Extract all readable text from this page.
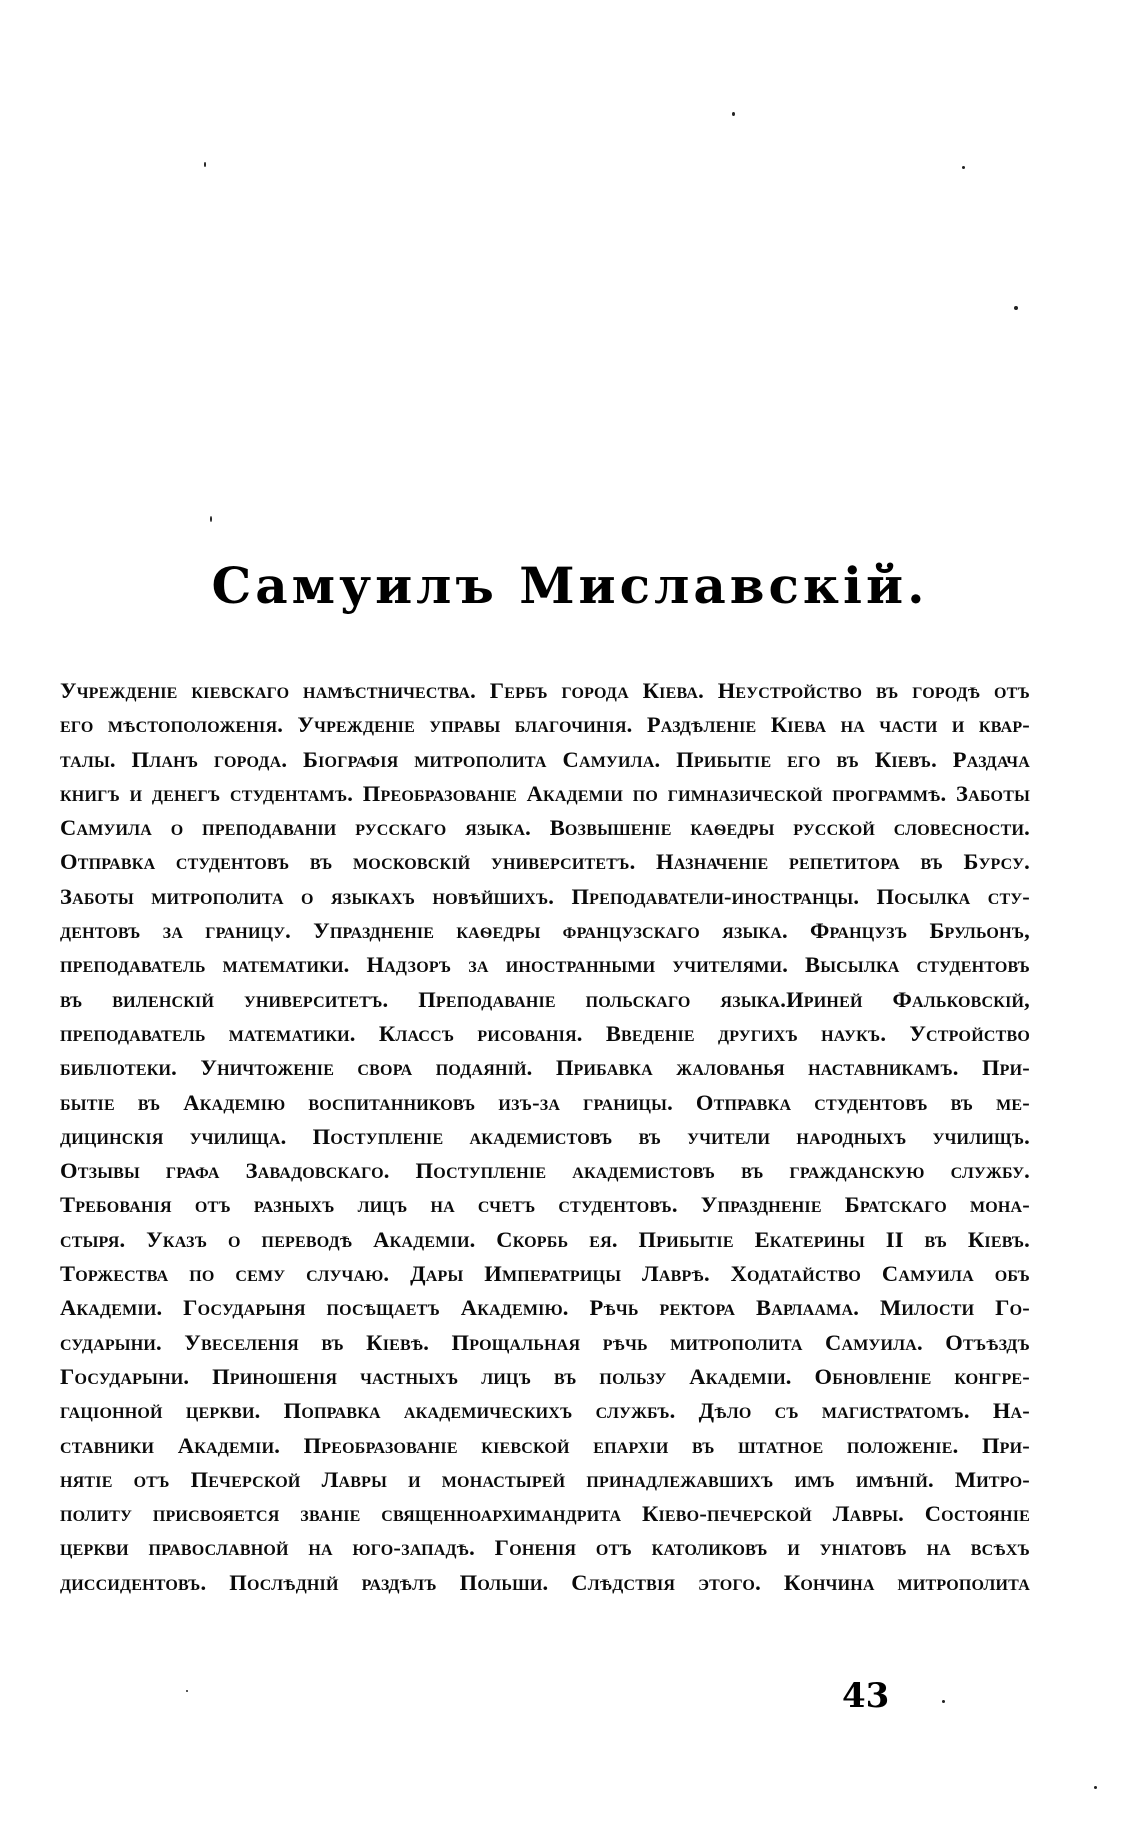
Самуилъ Миславскій.
Учрежденіе кіевскаго намѣстничества. Гербъ города Кіева. Неустройство въ городѣ отъ
его мѣстоположенія. Учрежденіе управы благочинія. Раздѣленіе Кіева на части и квар-
талы. Планъ города. Біографія митрополита Самуила. Прибытіе его въ Кіевъ. Раздача
книгъ и денегъ студентамъ. Преобразованіе Академіи по гимназической программѣ. Заботы
Самуила о преподаваніи русскаго языка. Возвышеніе каѳедры русской словесности.
Отправка студентовъ въ московскій университетъ. Назначеніе репетитора въ Бурсу.
Заботы митрополита о языкахъ новѣйшихъ. Преподаватели-иностранцы. Посылка сту-
дентовъ за границу. Упраздненіе каѳедры французскаго языка. Французъ Брульонъ,
преподаватель математики. Надзоръ за иностранными учителями. Высылка студентовъ
въ виленскій университетъ. Преподаваніе польскаго языка.Ириней Фальковскій,
преподаватель математики. Классъ рисованія. Введеніе другихъ наукъ. Устройство
библіотеки. Уничтоженіе свора подаяній. Прибавка жалованья наставникамъ. При-
бытіе въ Академію воспитанниковъ изъ-за границы. Отправка студентовъ въ ме-
дицинскія училища. Поступленіе академистовъ въ учители народныхъ училищъ.
Отзывы графа Завадовскаго. Поступленіе академистовъ въ гражданскую службу.
Требованія отъ разныхъ лицъ на счетъ студентовъ. Упраздненіе Братскаго мона-
стыря. Указъ о переводѣ Академіи. Скорбь ея. Прибытіе Екатерины II въ Кіевъ.
Торжества по сему случаю. Дары Императрицы Лаврѣ. Ходатайство Самуила объ
Академіи. Государыня посѣщаетъ Академію. Рѣчь ректора Варлаама. Милости Го-
сударыни. Увеселенія въ Кіевѣ. Прощальная рѣчь митрополита Самуила. Отъѣздъ
Государыни. Приношенія частныхъ лицъ въ пользу Академіи. Обновленіе конгре-
гаціонной церкви. Поправка академическихъ службъ. Дѣло съ магистратомъ. На-
ставники Академіи. Преобразованіе кіевской епархіи въ штатное положеніе. При-
нятіе отъ Печерской Лавры и монастырей принадлежавшихъ имъ имѣній. Митро-
политу присвояется званіе священноархимандрита Кіево-печерской Лавры. Состояніе
церкви православной на юго-западѣ. Гоненія отъ католиковъ и уніатовъ на всѣхъ
диссидентовъ. Послѣдній раздѣлъ Польши. Слѣдствія этого. Кончина митрополита
43
